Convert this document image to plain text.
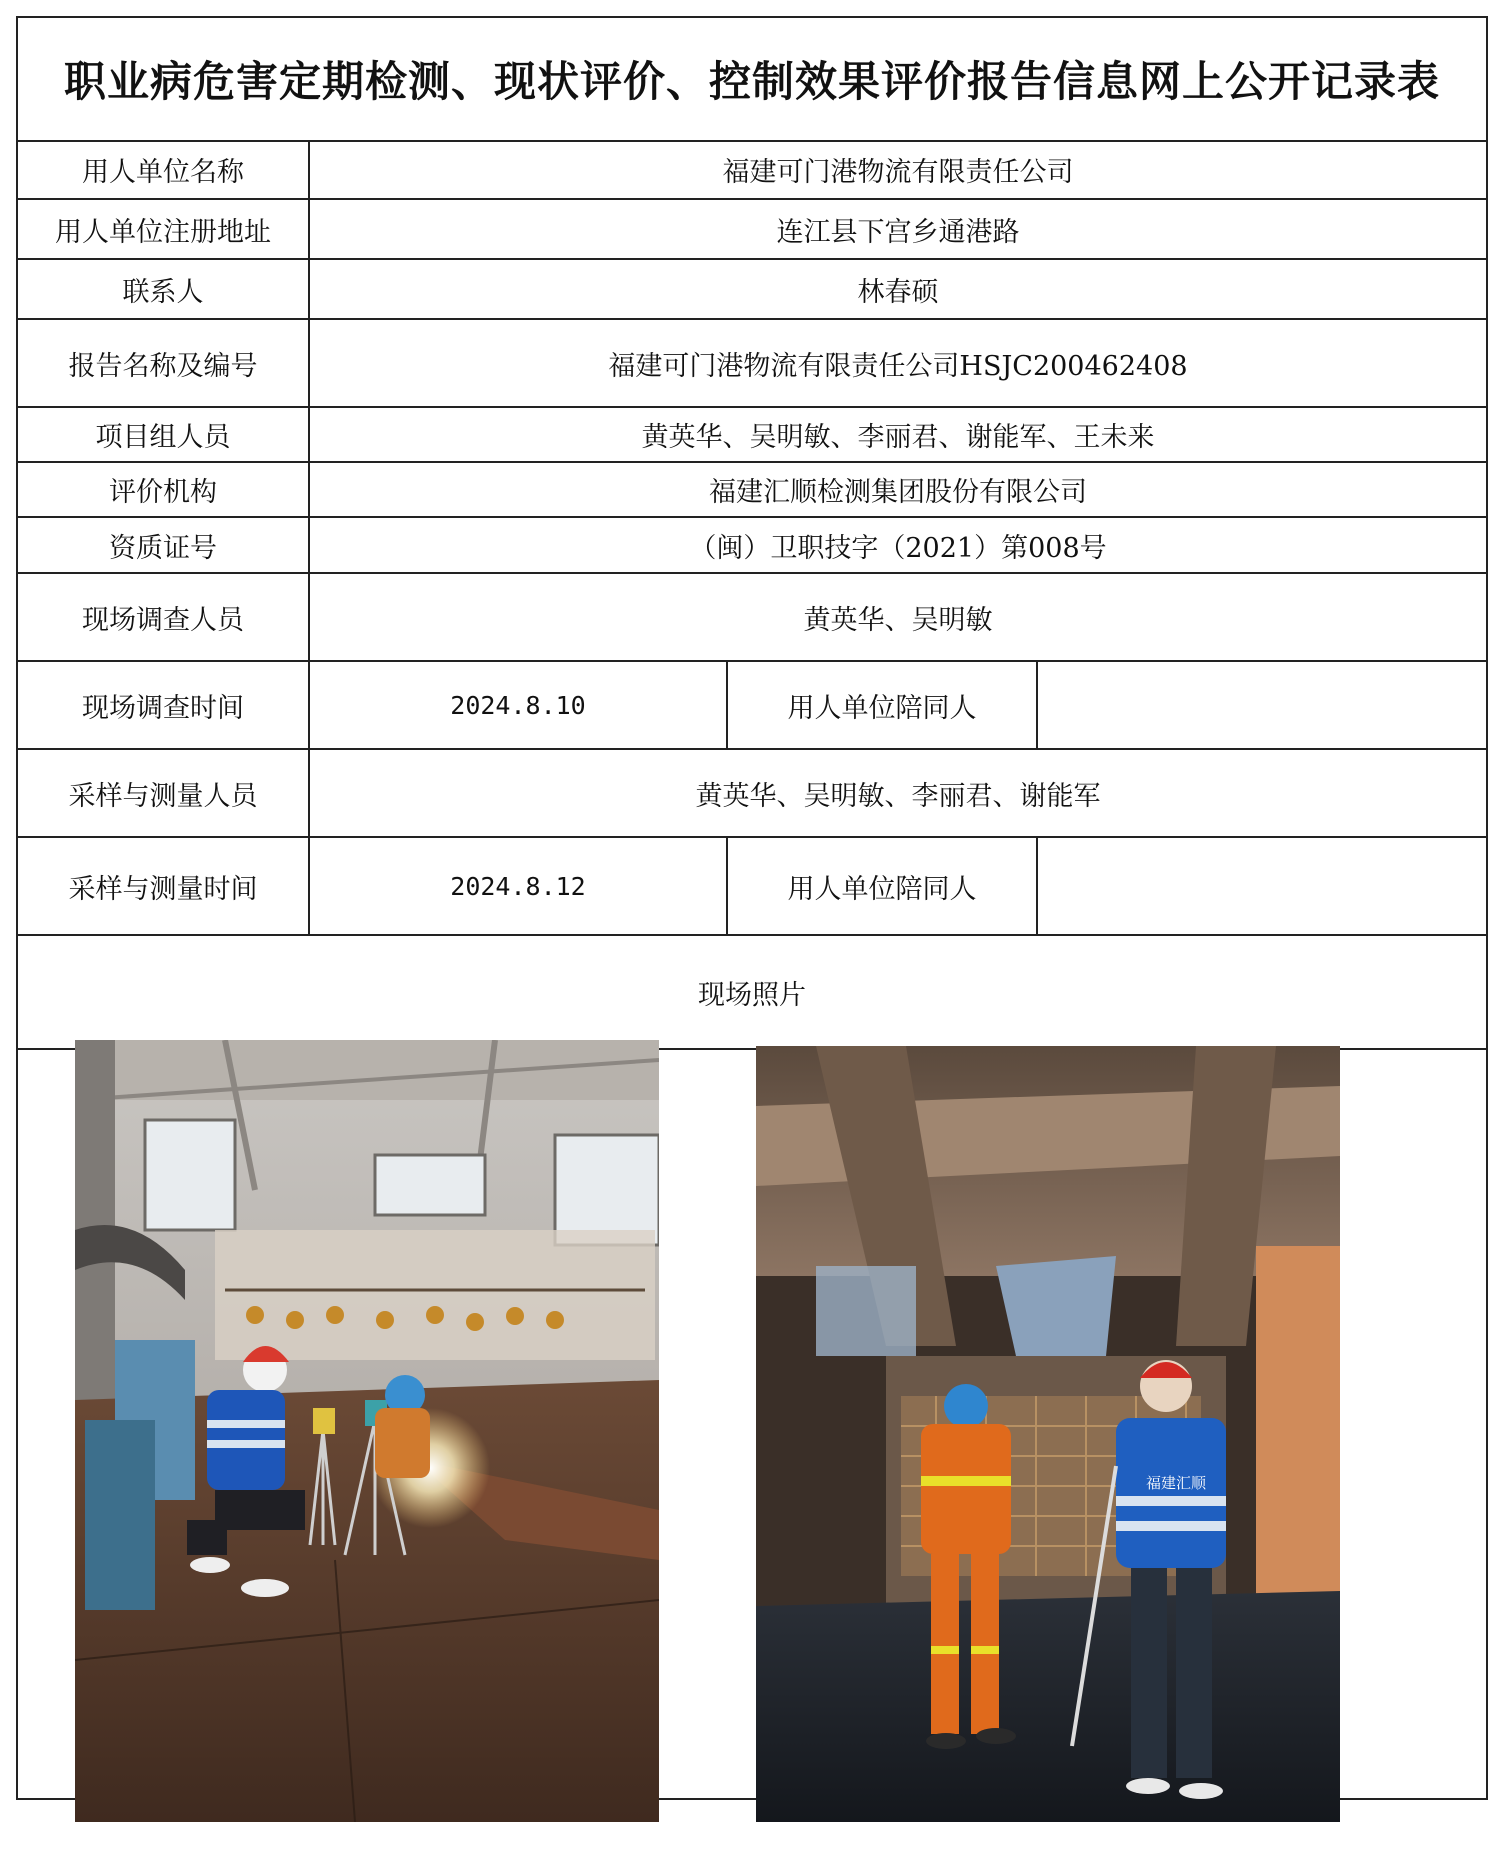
职业病危害定期检测、现状评价、控制效果评价报告信息网上公开记录表
用人单位名称	福建可门港物流有限责任公司
用人单位注册地址	连江县下宫乡通港路
联系人	林春硕
报告名称及编号	福建可门港物流有限责任公司HSJC200462408
项目组人员	黄英华、吴明敏、李丽君、谢能军、王未来
评价机构	福建汇顺检测集团股份有限公司
资质证号	（闽）卫职技字（2021）第008号
现场调查人员	黄英华、吴明敏
现场调查时间	2024.8.10	用人单位陪同人
采样与测量人员	黄英华、吴明敏、李丽君、谢能军
采样与测量时间	2024.8.12	用人单位陪同人
现场照片
福建汇顺
